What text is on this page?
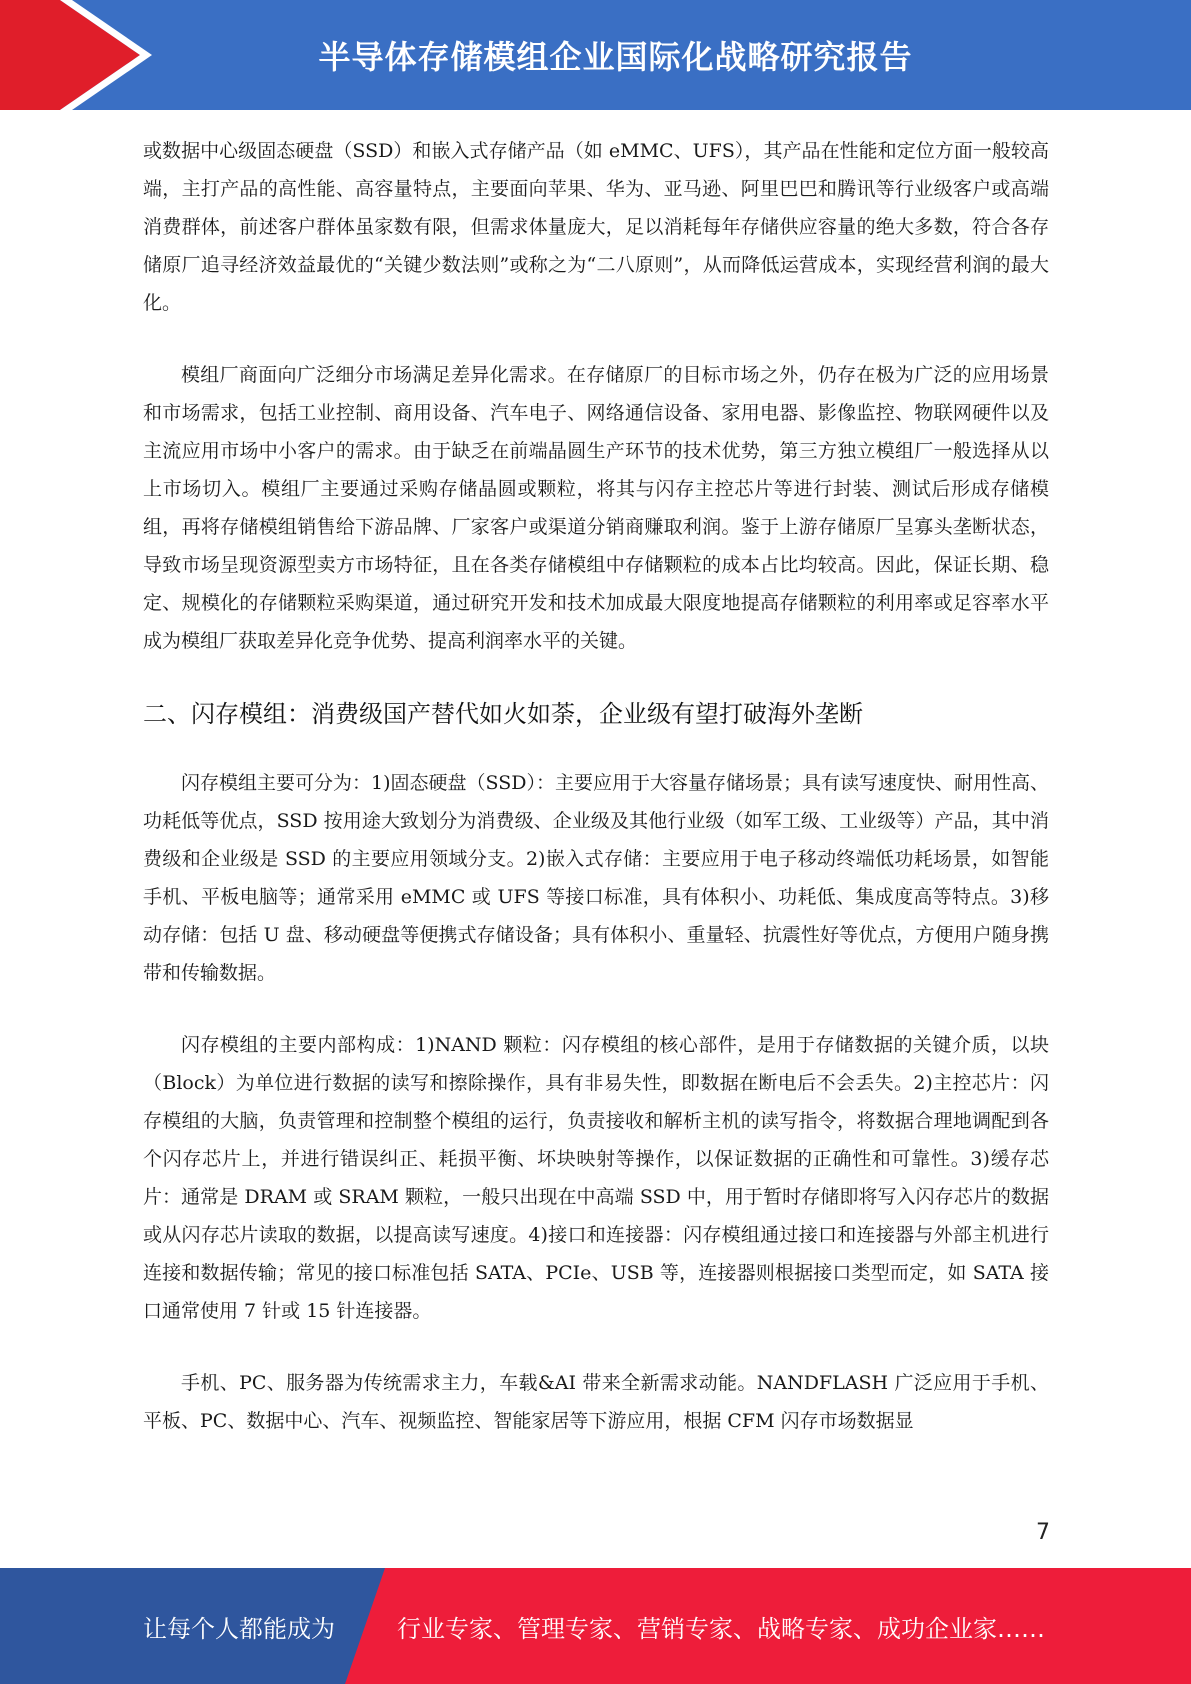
半导体存储模组企业国际化战略研究报告

或数据中心级固态硬盘（SSD）和嵌入式存储产品（如 eMMC、UFS），其产品在性能和定位方面一般较高端，主打产品的高性能、高容量特点，主要面向苹果、华为、亚马逊、阿里巴巴和腾讯等行业级客户或高端消费群体，前述客户群体虽家数有限，但需求体量庞大，足以消耗每年存储供应容量的绝大多数，符合各存储原厂追寻经济效益最优的“关键少数法则”或称之为“二八原则”，从而降低运营成本，实现经营利润的最大化。

模组厂商面向广泛细分市场满足差异化需求。在存储原厂的目标市场之外，仍存在极为广泛的应用场景和市场需求，包括工业控制、商用设备、汽车电子、网络通信设备、家用电器、影像监控、物联网硬件以及主流应用市场中小客户的需求。由于缺乏在前端晶圆生产环节的技术优势，第三方独立模组厂一般选择从以上市场切入。模组厂主要通过采购存储晶圆或颗粒，将其与闪存主控芯片等进行封装、测试后形成存储模组，再将存储模组销售给下游品牌、厂家客户或渠道分销商赚取利润。鉴于上游存储原厂呈寡头垄断状态，导致市场呈现资源型卖方市场特征，且在各类存储模组中存储颗粒的成本占比均较高。因此，保证长期、稳定、规模化的存储颗粒采购渠道，通过研究开发和技术加成最大限度地提高存储颗粒的利用率或足容率水平成为模组厂获取差异化竞争优势、提高利润率水平的关键。

二、闪存模组：消费级国产替代如火如荼，企业级有望打破海外垄断

闪存模组主要可分为：1)固态硬盘（SSD）：主要应用于大容量存储场景；具有读写速度快、耐用性高、功耗低等优点，SSD 按用途大致划分为消费级、企业级及其他行业级（如军工级、工业级等）产品，其中消费级和企业级是 SSD 的主要应用领域分支。2)嵌入式存储：主要应用于电子移动终端低功耗场景，如智能手机、平板电脑等；通常采用 eMMC 或 UFS 等接口标准，具有体积小、功耗低、集成度高等特点。3)移动存储：包括 U 盘、移动硬盘等便携式存储设备；具有体积小、重量轻、抗震性好等优点，方便用户随身携带和传输数据。

闪存模组的主要内部构成：1)NAND 颗粒：闪存模组的核心部件，是用于存储数据的关键介质，以块（Block）为单位进行数据的读写和擦除操作，具有非易失性，即数据在断电后不会丢失。2)主控芯片：闪存模组的大脑，负责管理和控制整个模组的运行，负责接收和解析主机的读写指令，将数据合理地调配到各个闪存芯片上，并进行错误纠正、耗损平衡、坏块映射等操作，以保证数据的正确性和可靠性。3)缓存芯片：通常是 DRAM 或 SRAM 颗粒，一般只出现在中高端 SSD 中，用于暂时存储即将写入闪存芯片的数据或从闪存芯片读取的数据，以提高读写速度。4)接口和连接器：闪存模组通过接口和连接器与外部主机进行连接和数据传输；常见的接口标准包括 SATA、PCIe、USB 等，连接器则根据接口类型而定，如 SATA 接口通常使用 7 针或 15 针连接器。

手机、PC、服务器为传统需求主力，车载&AI 带来全新需求动能。NANDFLASH 广泛应用于手机、平板、PC、数据中心、汽车、视频监控、智能家居等下游应用，根据 CFM 闪存市场数据显

7
让每个人都能成为	行业专家、管理专家、营销专家、战略专家、成功企业家……
